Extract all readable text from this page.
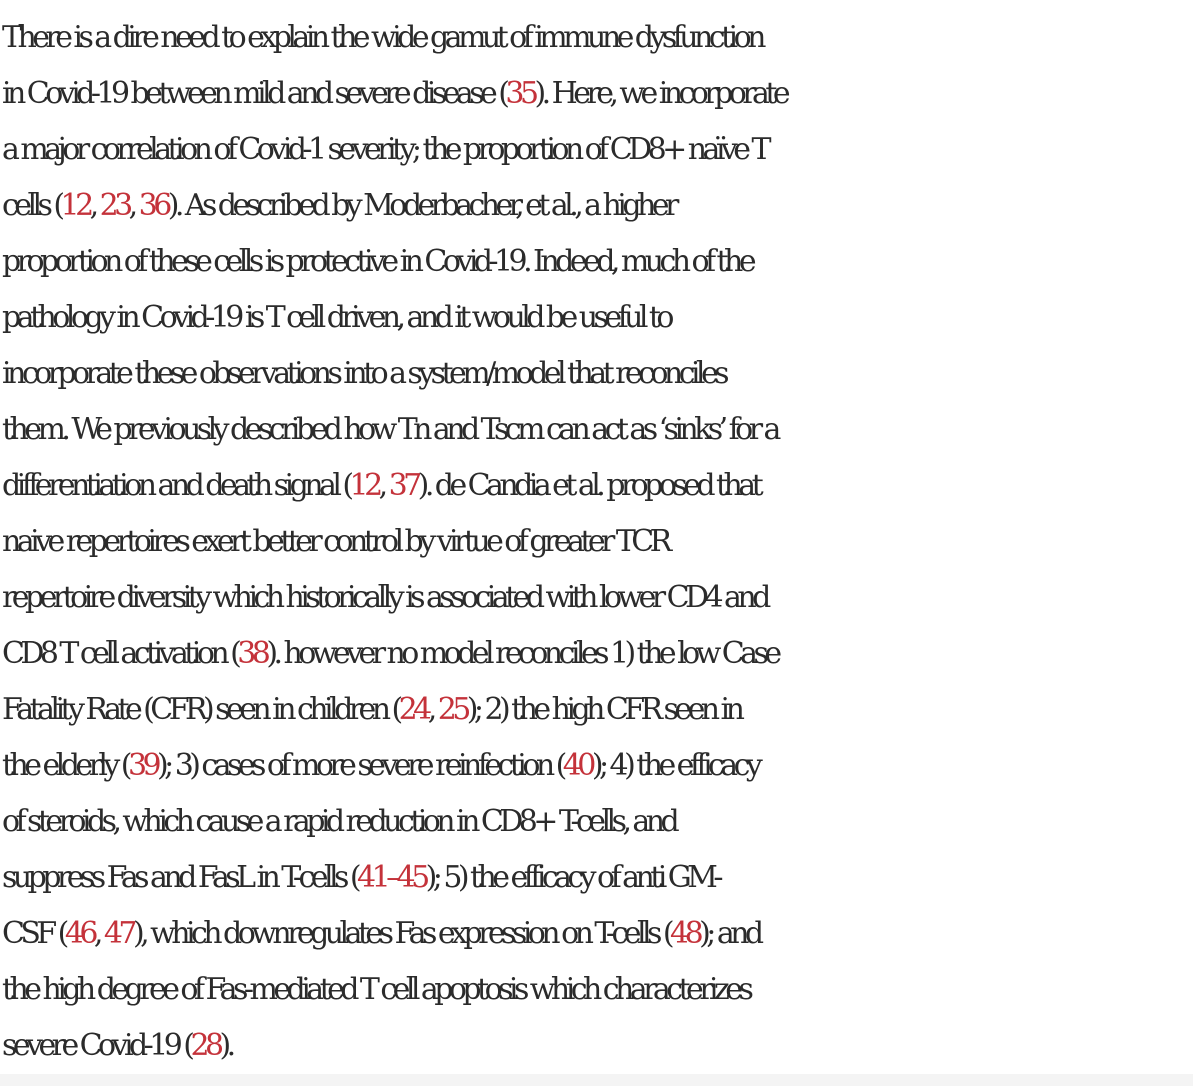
There is a dire need to explain the wide gamut of immune dysfunction
in Covid-19 between mild and severe disease (35). Here, we incorporate
a major correlation of Covid-1 severity; the proportion of CD8+ naïve T
cells (12, 23, 36). As described by Moderbacher, et al., a higher
proportion of these cells is protective in Covid-19. Indeed, much of the
pathology in Covid-19 is T cell driven, and it would be useful to
incorporate these observations into a system/model that reconciles
them. We previously described how Tn and Tscm can act as ‘sinks’ for a
differentiation and death signal (12, 37). de Candia et al. proposed that
naive repertoires exert better control by virtue of greater TCR
repertoire diversity which historically is associated with lower CD4 and
CD8 T cell activation (38). however no model reconciles 1) the low Case
Fatality Rate (CFR) seen in children (24, 25); 2) the high CFR seen in
the elderly (39); 3) cases of more severe reinfection (40); 4) the efficacy
of steroids, which cause a rapid reduction in CD8+ T-cells, and
suppress Fas and FasL in T-cells (41–45); 5) the efficacy of anti GM-
CSF (46, 47), which downregulates Fas expression on T-cells (48); and
the high degree of Fas-mediated T cell apoptosis which characterizes
severe Covid-19 (28).
